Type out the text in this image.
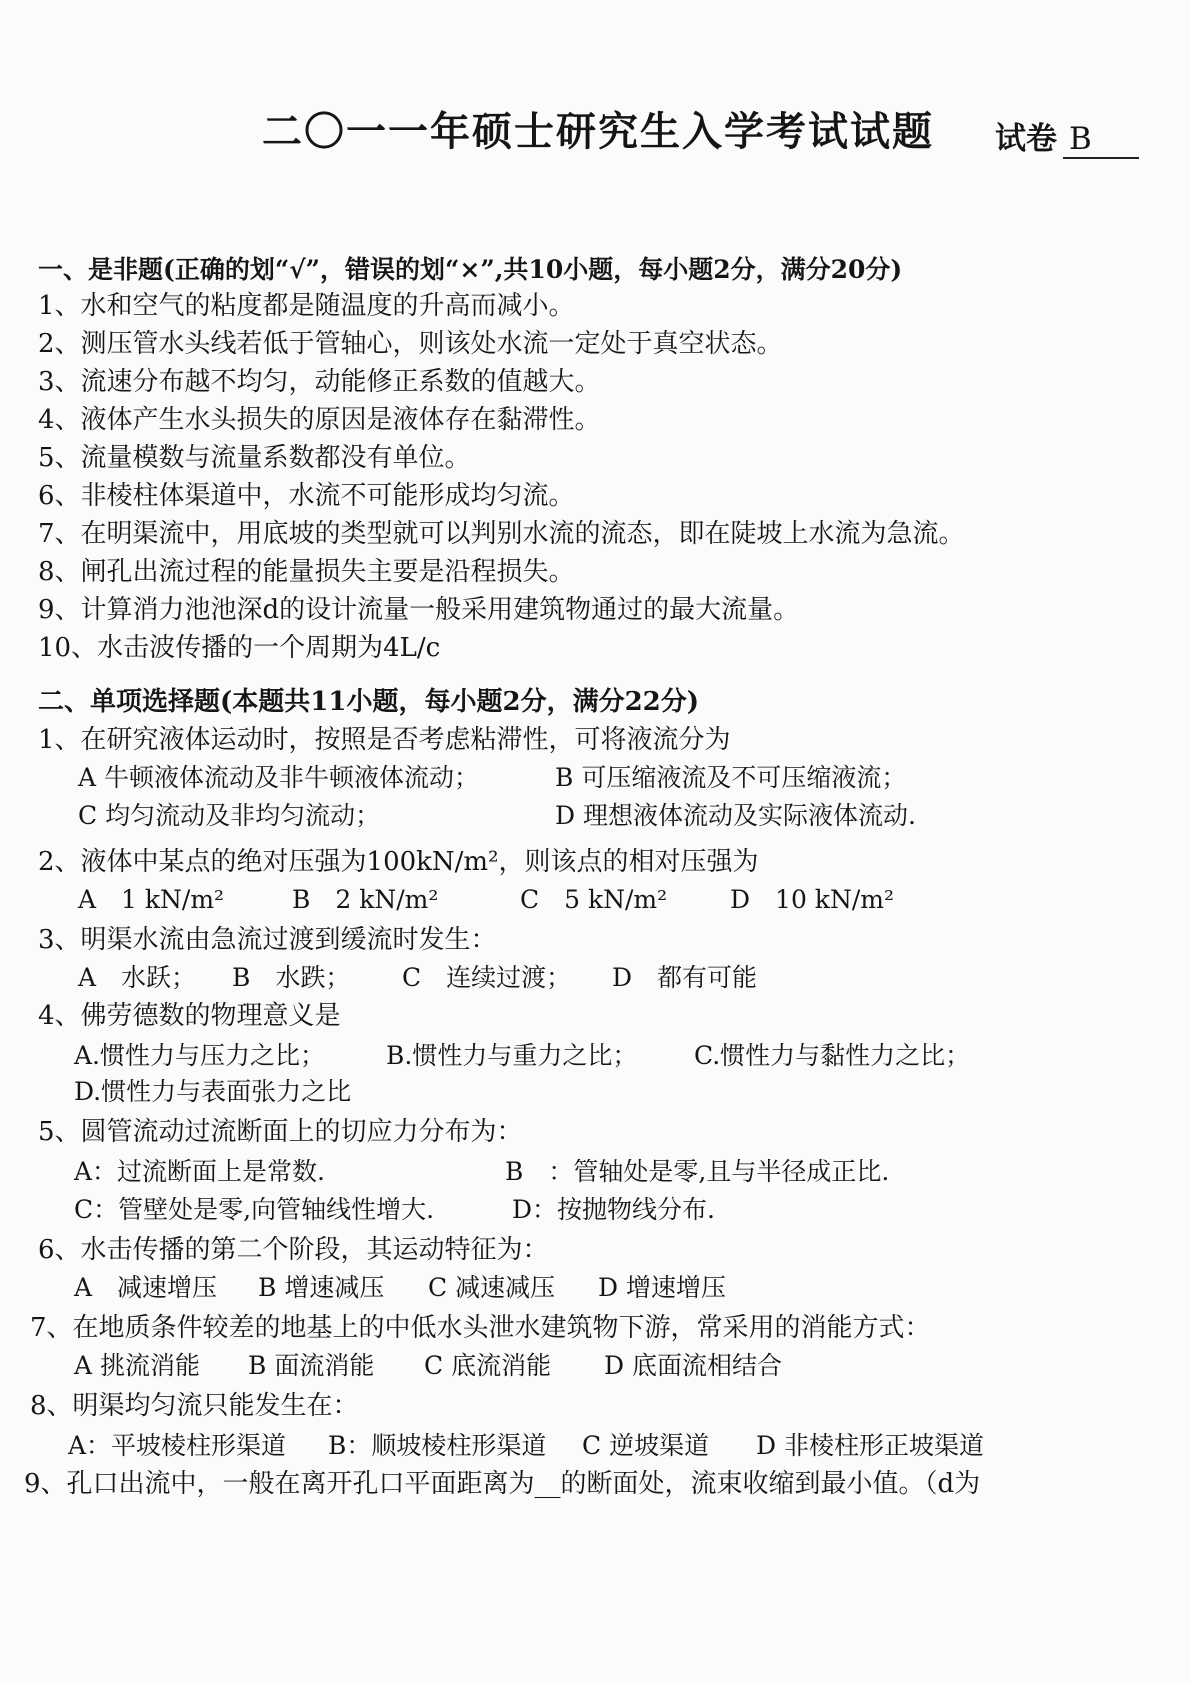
二〇一一年硕士研究生入学考试试题 试卷 B
一、是非题(正确的划“√”，错误的划“×”,共10小题，每小题2分，满分20分)
1、水和空气的粘度都是随温度的升高而减小。
2、测压管水头线若低于管轴心，则该处水流一定处于真空状态。
3、流速分布越不均匀，动能修正系数的值越大。
4、液体产生水头损失的原因是液体存在黏滞性。
5、流量模数与流量系数都没有单位。
6、非棱柱体渠道中，水流不可能形成均匀流。
7、在明渠流中，用底坡的类型就可以判别水流的流态，即在陡坡上水流为急流。
8、闸孔出流过程的能量损失主要是沿程损失。
9、计算消力池池深d的设计流量一般采用建筑物通过的最大流量。
10、水击波传播的一个周期为4L/c
二、单项选择题(本题共11小题，每小题2分，满分22分)
1、在研究液体运动时，按照是否考虑粘滞性，可将液流分为
A 牛顿液体流动及非牛顿液体流动；	B 可压缩液流及不可压缩液流；
C 均匀流动及非均匀流动；	D 理想液体流动及实际液体流动.
2、液体中某点的绝对压强为100kN/m²，则该点的相对压强为
A　1 kN/m²	B　2 kN/m²	C　5 kN/m²	D　10 kN/m²
3、明渠水流由急流过渡到缓流时发生：
A　水跃； B　水跌； C　连续过渡； D　都有可能
4、佛劳德数的物理意义是
A.惯性力与压力之比； B.惯性力与重力之比； C.惯性力与黏性力之比；
D.惯性力与表面张力之比
5、圆管流动过流断面上的切应力分布为：
A：过流断面上是常数.	B　：管轴处是零,且与半径成正比.
C：管壁处是零,向管轴线性增大.	D：按抛物线分布.
6、水击传播的第二个阶段，其运动特征为：
A　减速增压 B 增速减压 C 减速减压 D 增速增压
7、在地质条件较差的地基上的中低水头泄水建筑物下游，常采用的消能方式：
A 挑流消能 B 面流消能 C 底流消能 D 底面流相结合
8、明渠均匀流只能发生在：
A：平坡棱柱形渠道 B：顺坡棱柱形渠道 C 逆坡渠道 D 非棱柱形正坡渠道
9、孔口出流中，一般在离开孔口平面距离为__的断面处，流束收缩到最小值。（d为
